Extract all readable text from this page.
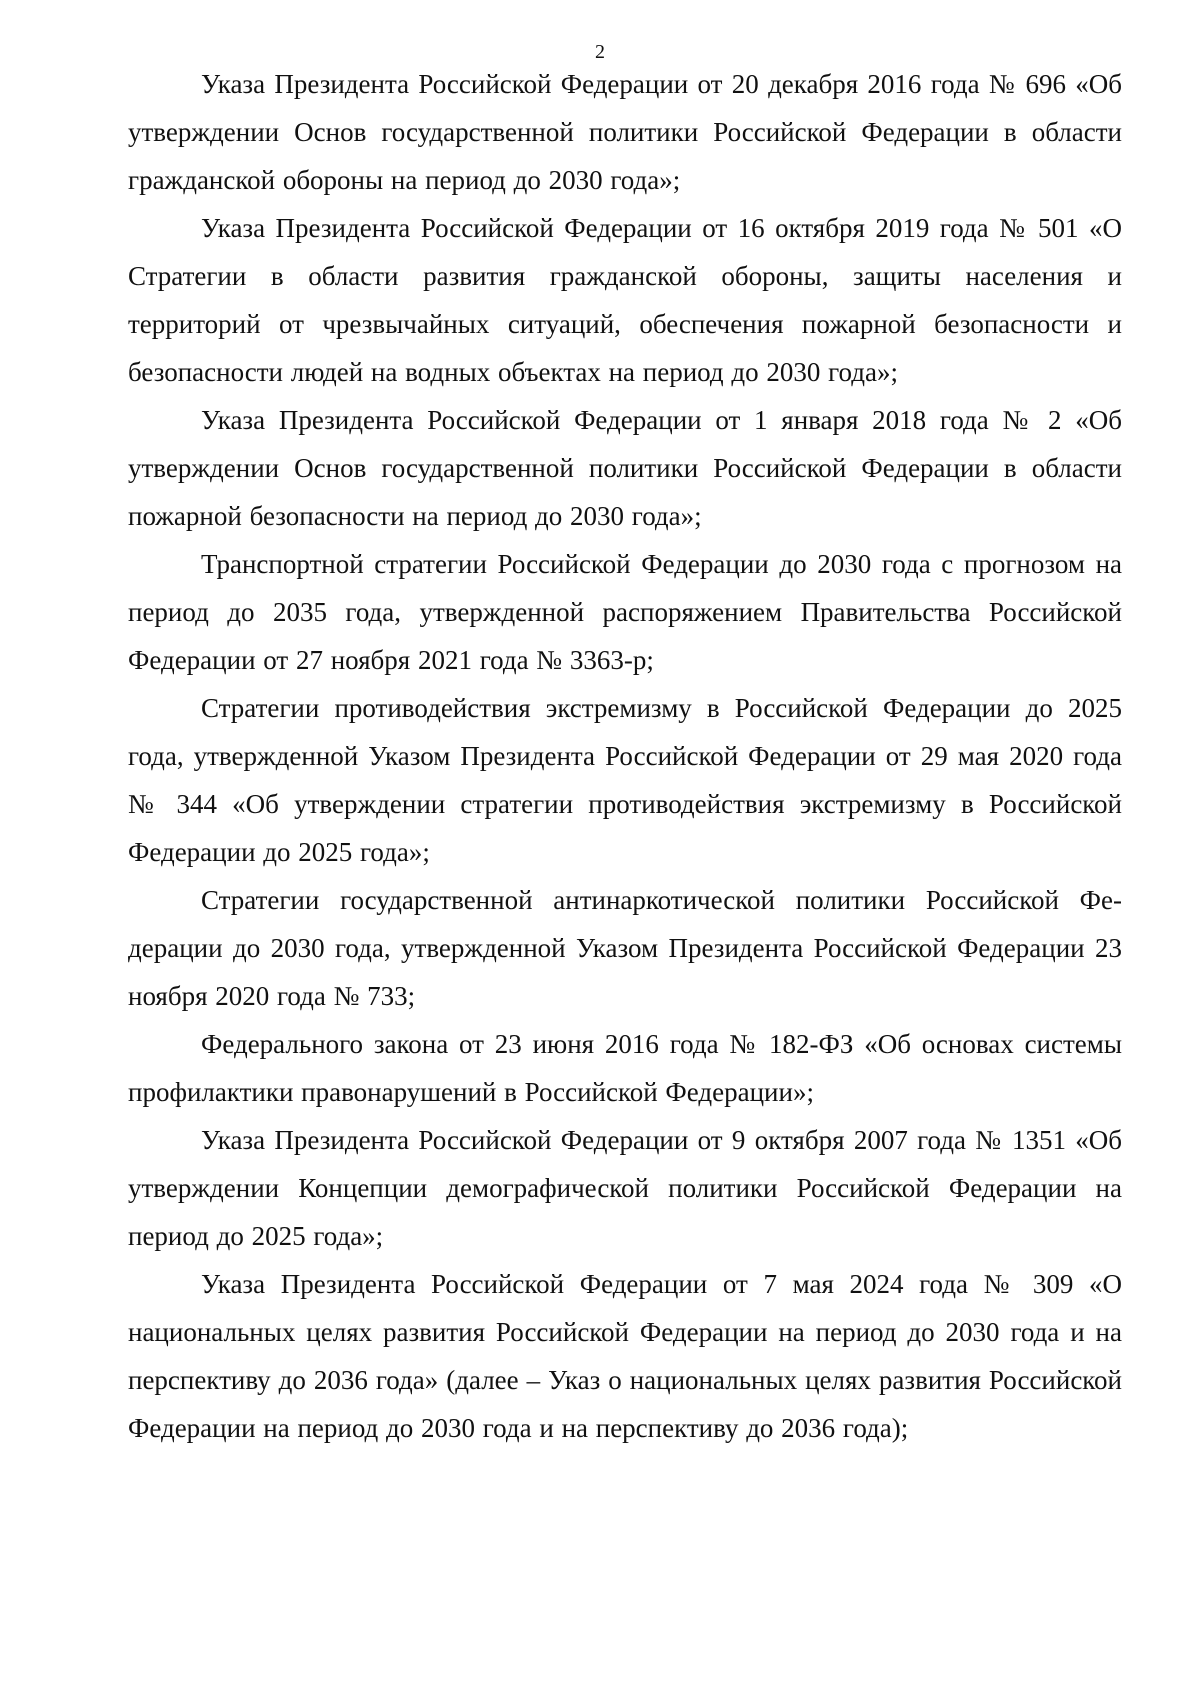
2

Указа Президента Российской Федерации от 20 декабря 2016 года № 696 «Об утверждении Основ государственной политики Российской Федерации в области гражданской обороны на период до 2030 года»;

Указа Президента Российской Федерации от 16 октября 2019 года № 501 «О Стратегии в области развития гражданской обороны, защиты населения и территорий от чрезвычайных ситуаций, обеспечения пожарной безопасности и безопасности людей на водных объектах на период до 2030 года»;

Указа Президента Российской Федерации от 1 января 2018 года № 2 «Об утверждении Основ государственной политики Российской Федерации в области пожарной безопасности на период до 2030 года»;

Транспортной стратегии Российской Федерации до 2030 года с прогнозом на период до 2035 года, утвержденной распоряжением Правительства Российской Федерации от 27 ноября 2021 года № 3363-р;

Стратегии противодействия экстремизму в Российской Федерации до 2025 года, утвержденной Указом Президента Российской Федерации от 29 мая 2020 года № 344 «Об утверждении стратегии противодействия экстремизму в Российской Федерации до 2025 года»;

Стратегии государственной антинаркотической политики Российской Федерации до 2030 года, утвержденной Указом Президента Российской Федерации 23 ноября 2020 года № 733;

Федерального закона от 23 июня 2016 года № 182-ФЗ «Об основах системы профилактики правонарушений в Российской Федерации»;

Указа Президента Российской Федерации от 9 октября 2007 года № 1351 «Об утверждении Концепции демографической политики Российской Федерации на период до 2025 года»;

Указа Президента Российской Федерации от 7 мая 2024 года № 309 «О национальных целях развития Российской Федерации на период до 2030 года и на перспективу до 2036 года» (далее – Указ о национальных целях развития Российской Федерации на период до 2030 года и на перспективу до 2036 года);
